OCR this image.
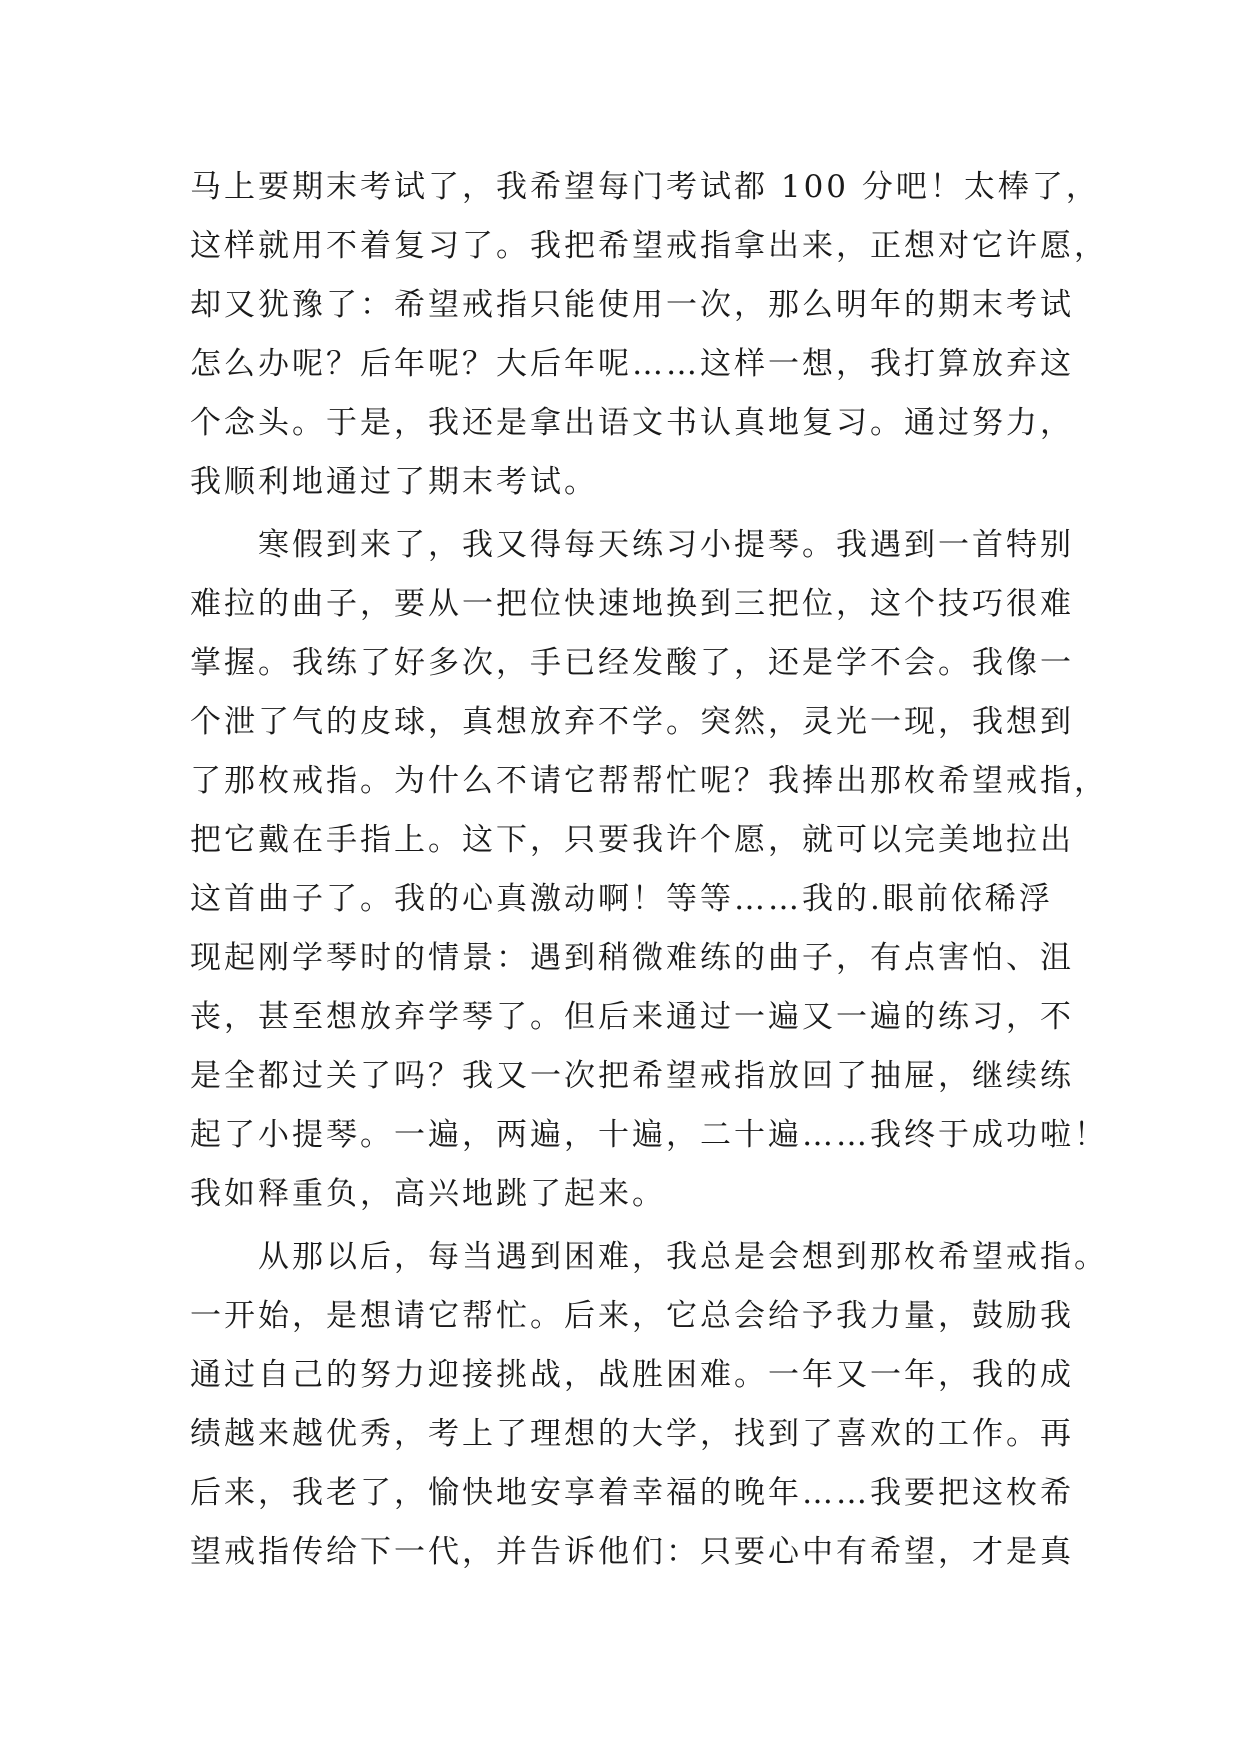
马上要期末考试了，我希望每门考试都 100 分吧！太棒了，
这样就用不着复习了。我把希望戒指拿出来，正想对它许愿，
却又犹豫了：希望戒指只能使用一次，那么明年的期末考试
怎么办呢？后年呢？大后年呢……这样一想，我打算放弃这
个念头。于是，我还是拿出语文书认真地复习。通过努力，
我顺利地通过了期末考试。
　　寒假到来了，我又得每天练习小提琴。我遇到一首特别
难拉的曲子，要从一把位快速地换到三把位，这个技巧很难
掌握。我练了好多次，手已经发酸了，还是学不会。我像一
个泄了气的皮球，真想放弃不学。突然，灵光一现，我想到
了那枚戒指。为什么不请它帮帮忙呢？我捧出那枚希望戒指，
把它戴在手指上。这下，只要我许个愿，就可以完美地拉出
这首曲子了。我的心真激动啊！等等……我的.眼前依稀浮
现起刚学琴时的情景：遇到稍微难练的曲子，有点害怕、沮
丧，甚至想放弃学琴了。但后来通过一遍又一遍的练习，不
是全都过关了吗？我又一次把希望戒指放回了抽屉，继续练
起了小提琴。一遍，两遍，十遍，二十遍……我终于成功啦！
我如释重负，高兴地跳了起来。
　　从那以后，每当遇到困难，我总是会想到那枚希望戒指。
一开始，是想请它帮忙。后来，它总会给予我力量，鼓励我
通过自己的努力迎接挑战，战胜困难。一年又一年，我的成
绩越来越优秀，考上了理想的大学，找到了喜欢的工作。再
后来，我老了，愉快地安享着幸福的晚年……我要把这枚希
望戒指传给下一代，并告诉他们：只要心中有希望，才是真
